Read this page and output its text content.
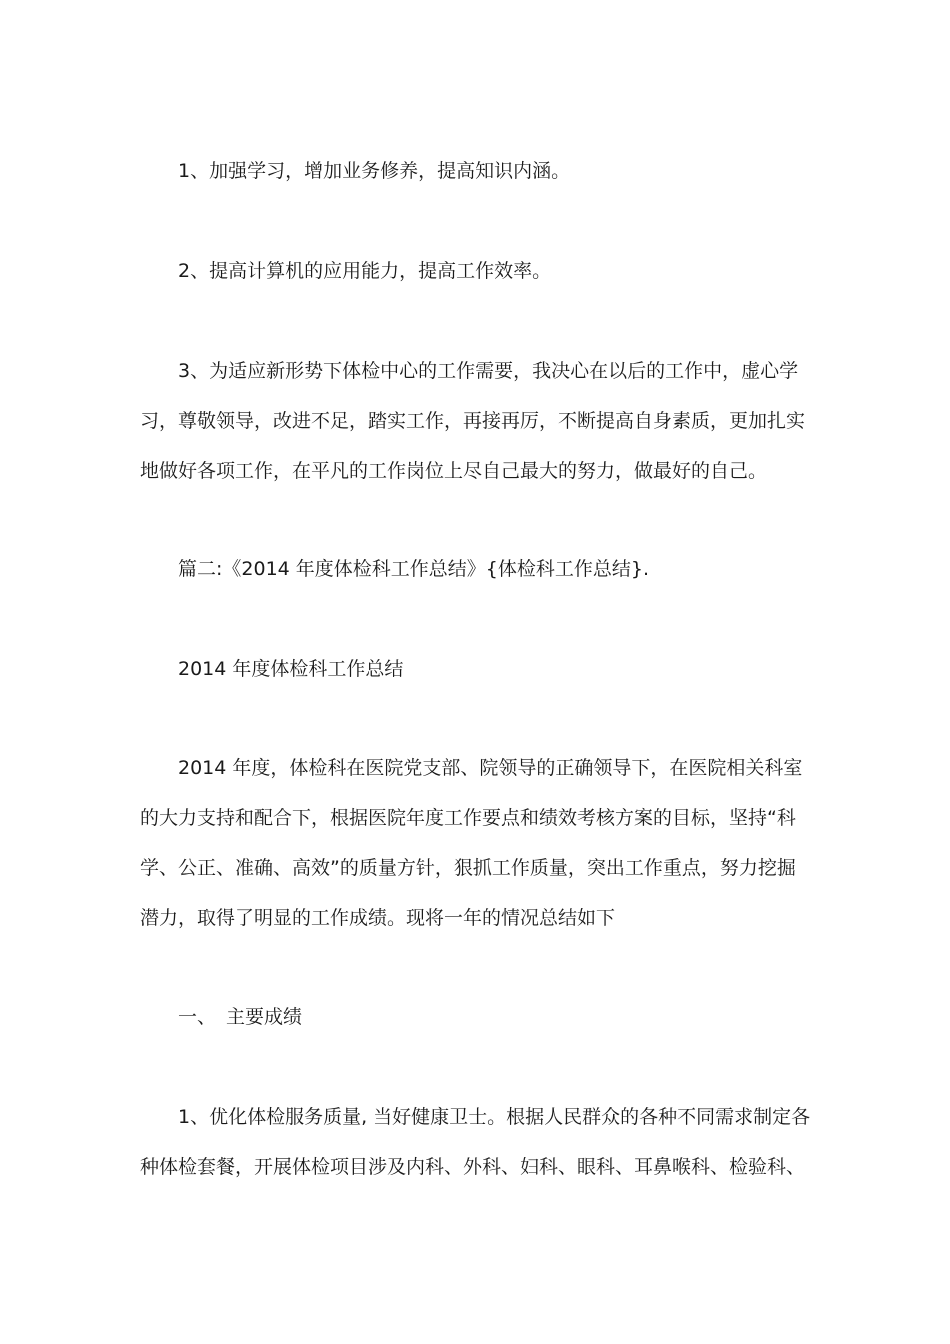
1、加强学习，增加业务修养，提高知识内涵。

2、提高计算机的应用能力，提高工作效率。

3、为适应新形势下体检中心的工作需要，我决心在以后的工作中，虚心学
习，尊敬领导，改进不足，踏实工作，再接再厉，不断提高自身素质，更加扎实
地做好各项工作，在平凡的工作岗位上尽自己最大的努力，做最好的自己。

篇二:《2014 年度体检科工作总结》{体检科工作总结}.

2014 年度体检科工作总结

2014 年度，体检科在医院党支部、院领导的正确领导下，在医院相关科室
的大力支持和配合下，根据医院年度工作要点和绩效考核方案的目标，坚持“科
学、公正、准确、高效”的质量方针，狠抓工作质量，突出工作重点，努力挖掘
潜力，取得了明显的工作成绩。现将一年的情况总结如下

一、 主要成绩

1、优化体检服务质量, 当好健康卫士。根据人民群众的各种不同需求制定各
种体检套餐，开展体检项目涉及内科、外科、妇科、眼科、耳鼻喉科、检验科、
